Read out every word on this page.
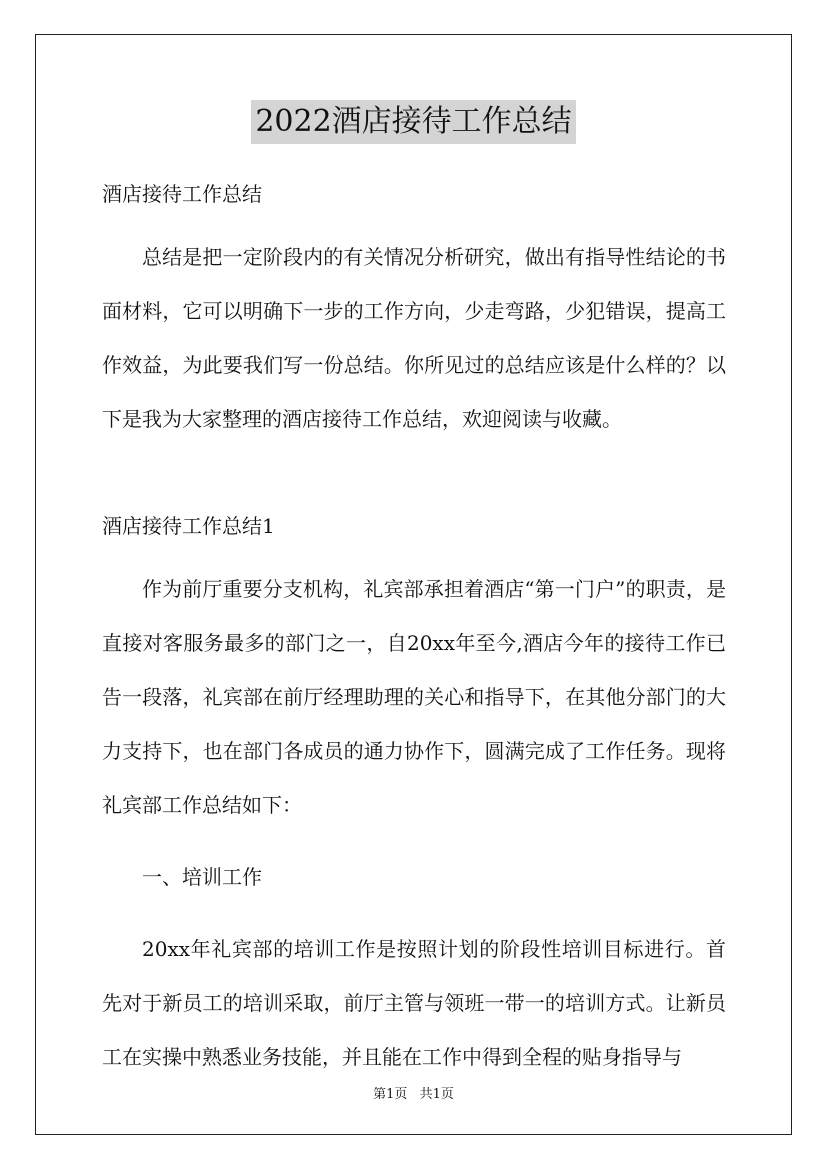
2022酒店接待工作总结

酒店接待工作总结

总结是把一定阶段内的有关情况分析研究，做出有指导性结论的书面材料，它可以明确下一步的工作方向，少走弯路，少犯错误，提高工作效益，为此要我们写一份总结。你所见过的总结应该是什么样的？以下是我为大家整理的酒店接待工作总结，欢迎阅读与收藏。

酒店接待工作总结1

作为前厅重要分支机构，礼宾部承担着酒店“第一门户”的职责，是直接对客服务最多的部门之一，自20xx年至今,酒店今年的接待工作已告一段落，礼宾部在前厅经理助理的关心和指导下，在其他分部门的大力支持下，也在部门各成员的通力协作下，圆满完成了工作任务。现将礼宾部工作总结如下：

一、培训工作

20xx年礼宾部的培训工作是按照计划的阶段性培训目标进行。首先对于新员工的培训采取，前厅主管与领班一带一的培训方式。让新员工在实操中熟悉业务技能，并且能在工作中得到全程的贴身指导与

第1页 共1页
